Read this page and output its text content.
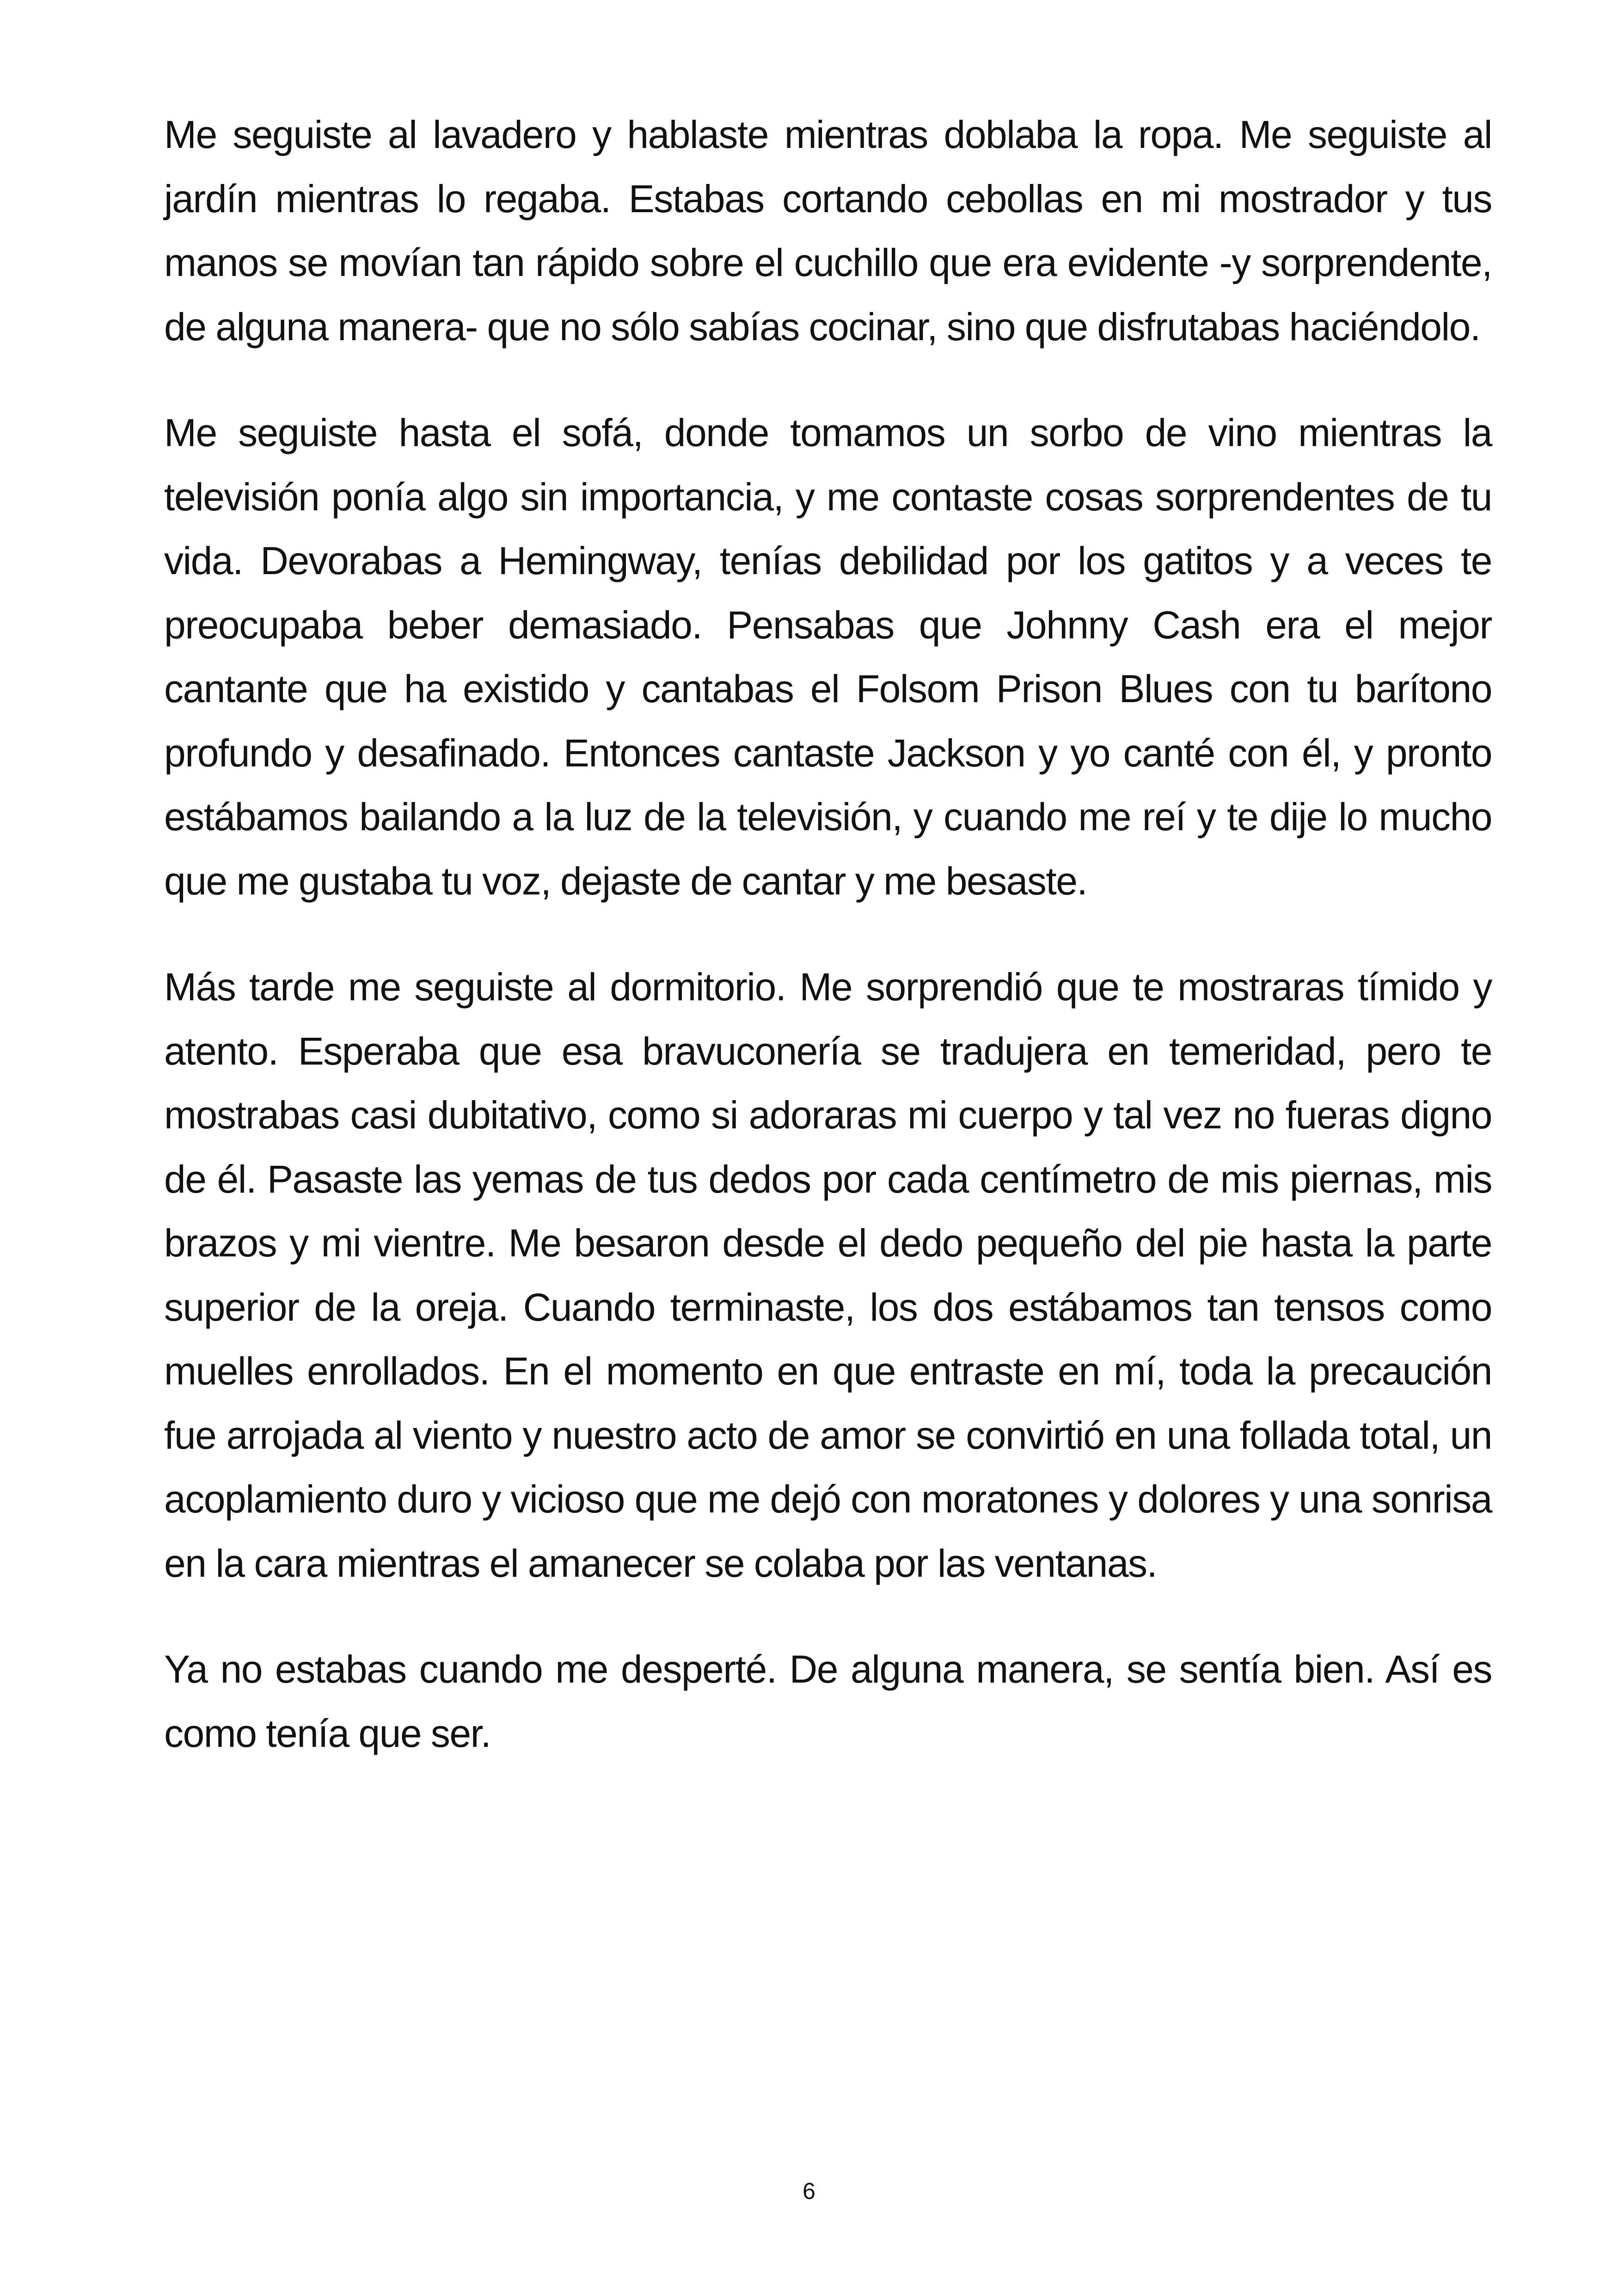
Me seguiste al lavadero y hablaste mientras doblaba la ropa. Me seguiste al jardín mientras lo regaba. Estabas cortando cebollas en mi mostrador y tus manos se movían tan rápido sobre el cuchillo que era evidente -y sorprendente, de alguna manera- que no sólo sabías cocinar, sino que disfrutabas haciéndolo.

Me seguiste hasta el sofá, donde tomamos un sorbo de vino mientras la televisión ponía algo sin importancia, y me contaste cosas sorprendentes de tu vida. Devorabas a Hemingway, tenías debilidad por los gatitos y a veces te preocupaba beber demasiado. Pensabas que Johnny Cash era el mejor cantante que ha existido y cantabas el Folsom Prison Blues con tu barítono profundo y desafinado. Entonces cantaste Jackson y yo canté con él, y pronto estábamos bailando a la luz de la televisión, y cuando me reí y te dije lo mucho que me gustaba tu voz, dejaste de cantar y me besaste.

Más tarde me seguiste al dormitorio. Me sorprendió que te mostraras tímido y atento. Esperaba que esa bravuconería se tradujera en temeridad, pero te mostrabas casi dubitativo, como si adoraras mi cuerpo y tal vez no fueras digno de él. Pasaste las yemas de tus dedos por cada centímetro de mis piernas, mis brazos y mi vientre. Me besaron desde el dedo pequeño del pie hasta la parte superior de la oreja. Cuando terminaste, los dos estábamos tan tensos como muelles enrollados. En el momento en que entraste en mí, toda la precaución fue arrojada al viento y nuestro acto de amor se convirtió en una follada total, un acoplamiento duro y vicioso que me dejó con moratones y dolores y una sonrisa en la cara mientras el amanecer se colaba por las ventanas.

Ya no estabas cuando me desperté. De alguna manera, se sentía bien. Así es como tenía que ser.

6
